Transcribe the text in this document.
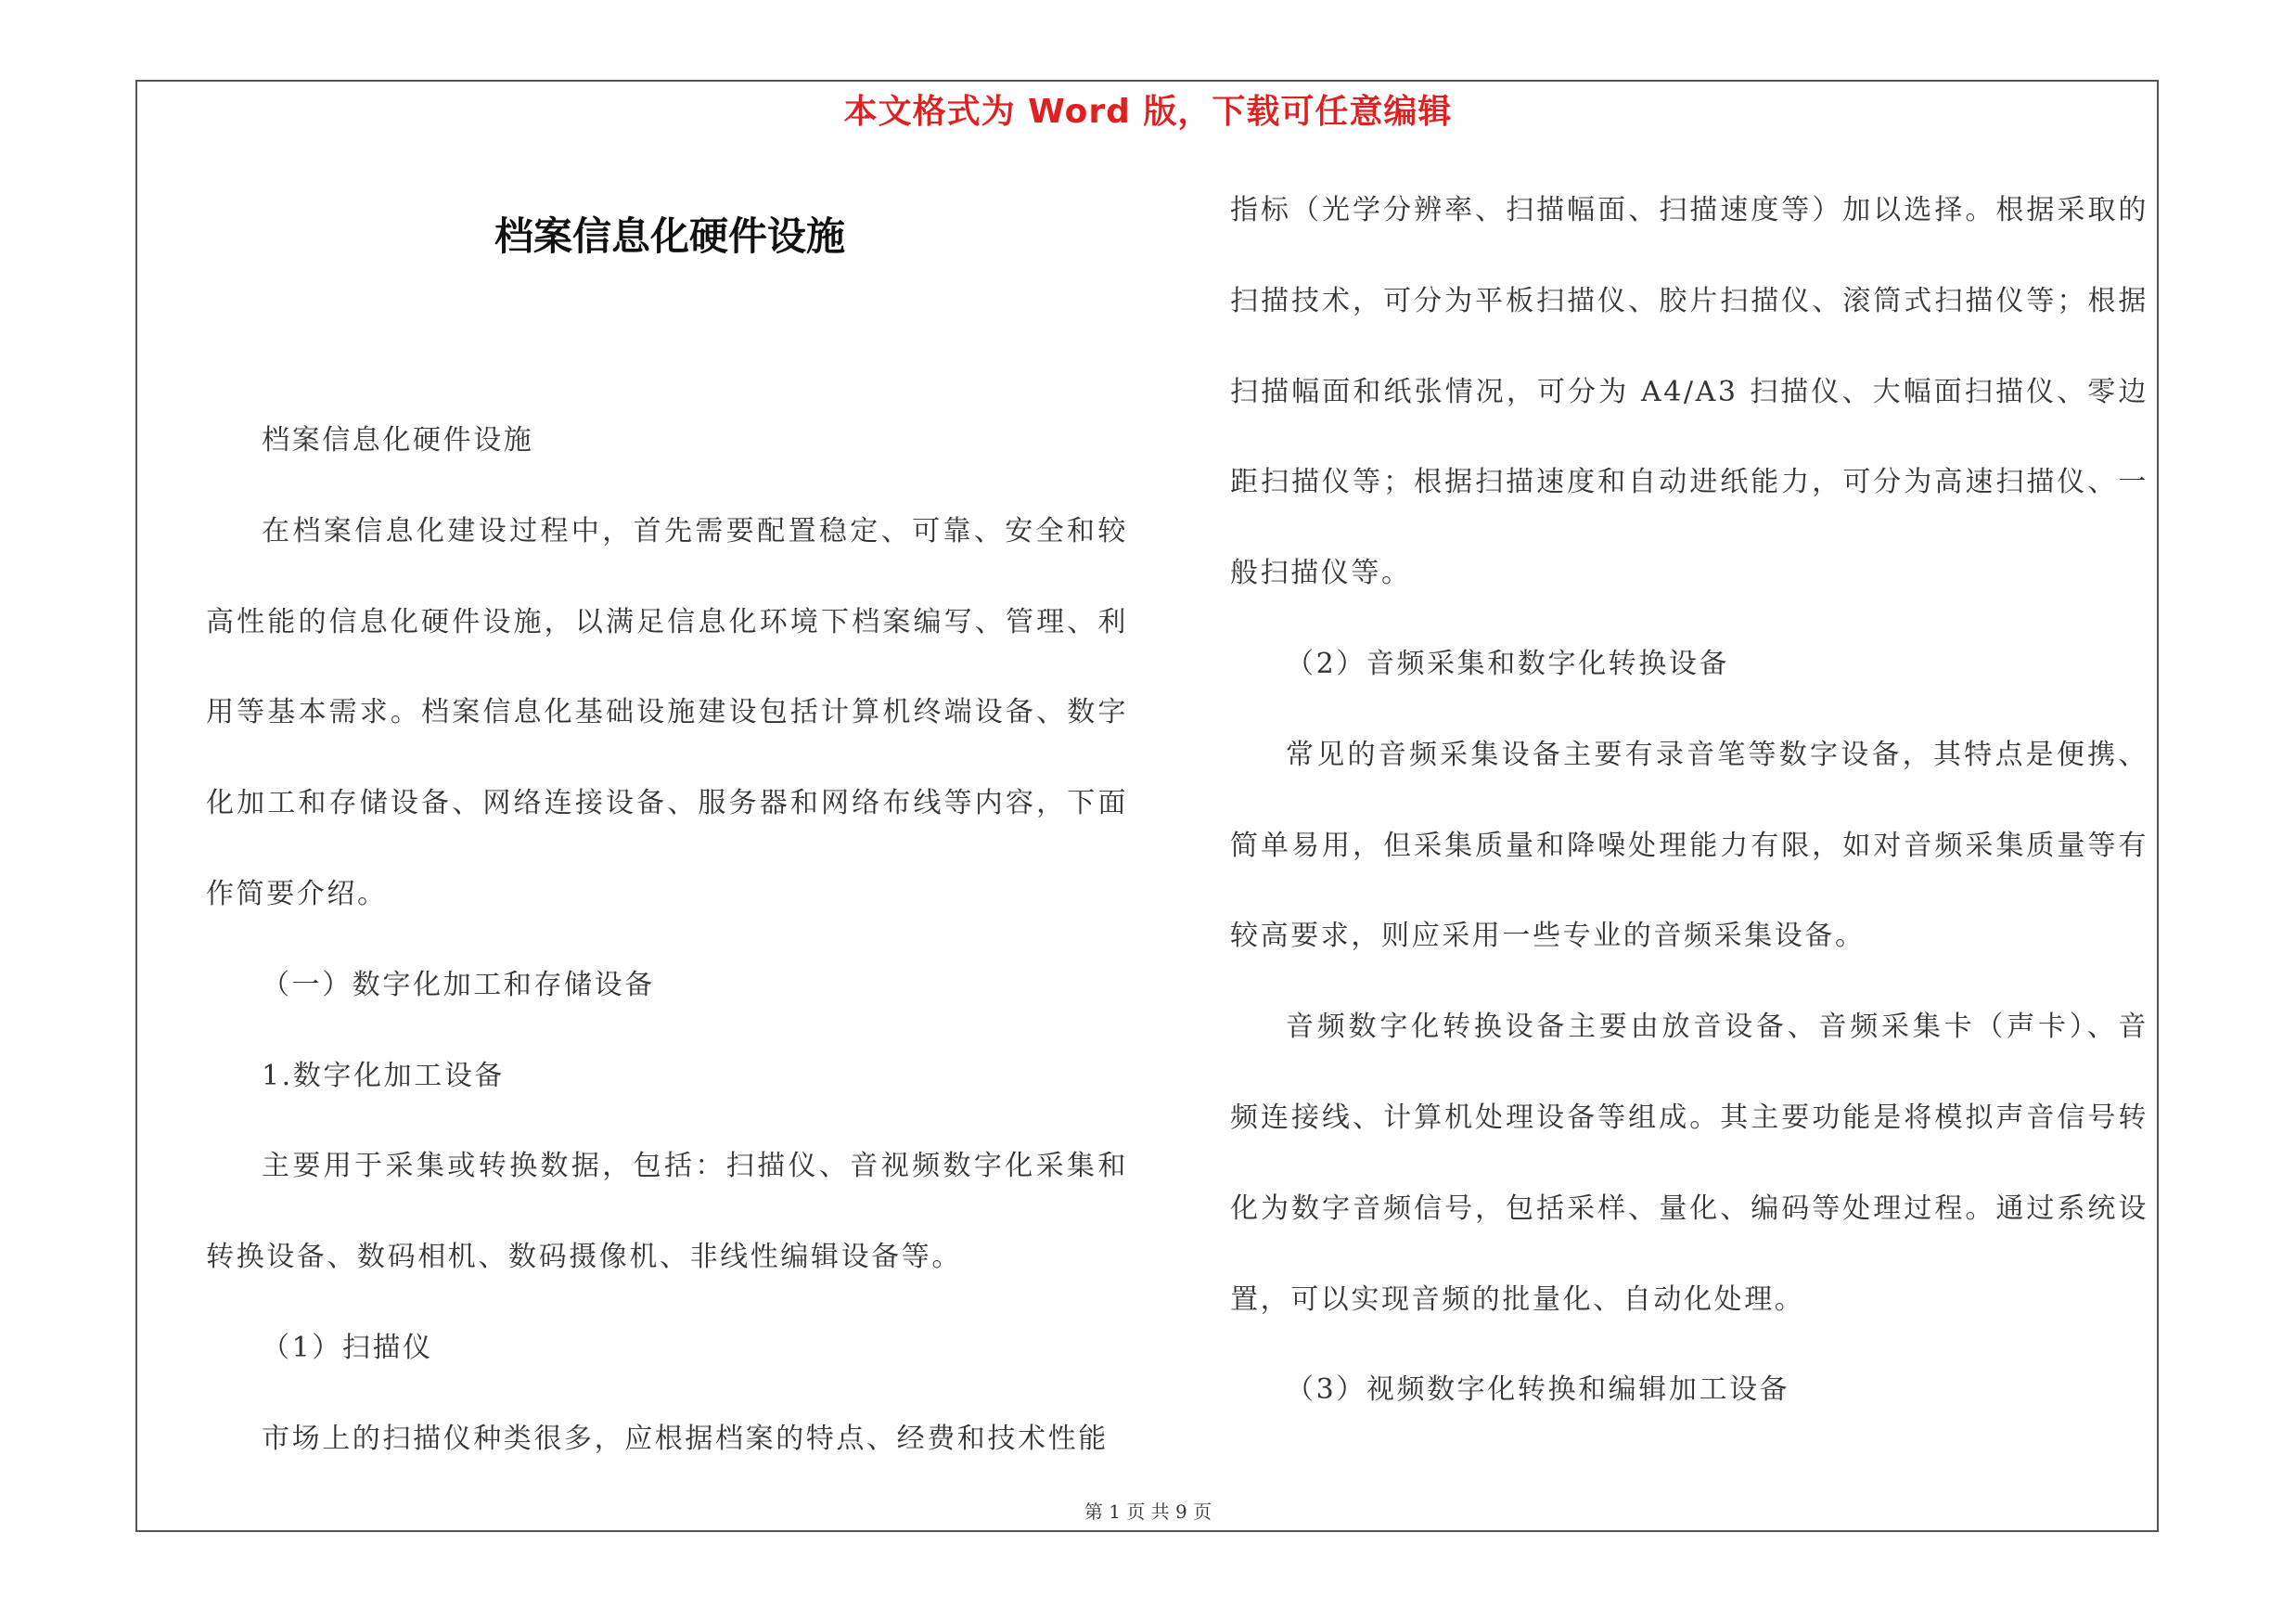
本文格式为 Word 版，下载可任意编辑
档案信息化硬件设施

档案信息化硬件设施

在档案信息化建设过程中，首先需要配置稳定、可靠、安全和较高性能的信息化硬件设施，以满足信息化环境下档案编写、管理、利用等基本需求。档案信息化基础设施建设包括计算机终端设备、数字化加工和存储设备、网络连接设备、服务器和网络布线等内容，下面作简要介绍。

（一）数字化加工和存储设备

1.数字化加工设备

主要用于采集或转换数据，包括：扫描仪、音视频数字化采集和转换设备、数码相机、数码摄像机、非线性编辑设备等。

（1）扫描仪

市场上的扫描仪种类很多，应根据档案的特点、经费和技术性能

指标（光学分辨率、扫描幅面、扫描速度等）加以选择。根据采取的扫描技术，可分为平板扫描仪、胶片扫描仪、滚筒式扫描仪等；根据扫描幅面和纸张情况，可分为 A4/A3 扫描仪、大幅面扫描仪、零边距扫描仪等；根据扫描速度和自动进纸能力，可分为高速扫描仪、一般扫描仪等。

（2）音频采集和数字化转换设备

常见的音频采集设备主要有录音笔等数字设备，其特点是便携、简单易用，但采集质量和降噪处理能力有限，如对音频采集质量等有较高要求，则应采用一些专业的音频采集设备。

音频数字化转换设备主要由放音设备、音频采集卡（声卡）、音频连接线、计算机处理设备等组成。其主要功能是将模拟声音信号转化为数字音频信号，包括采样、量化、编码等处理过程。通过系统设置，可以实现音频的批量化、自动化处理。

（3）视频数字化转换和编辑加工设备

第 1 页 共 9 页
